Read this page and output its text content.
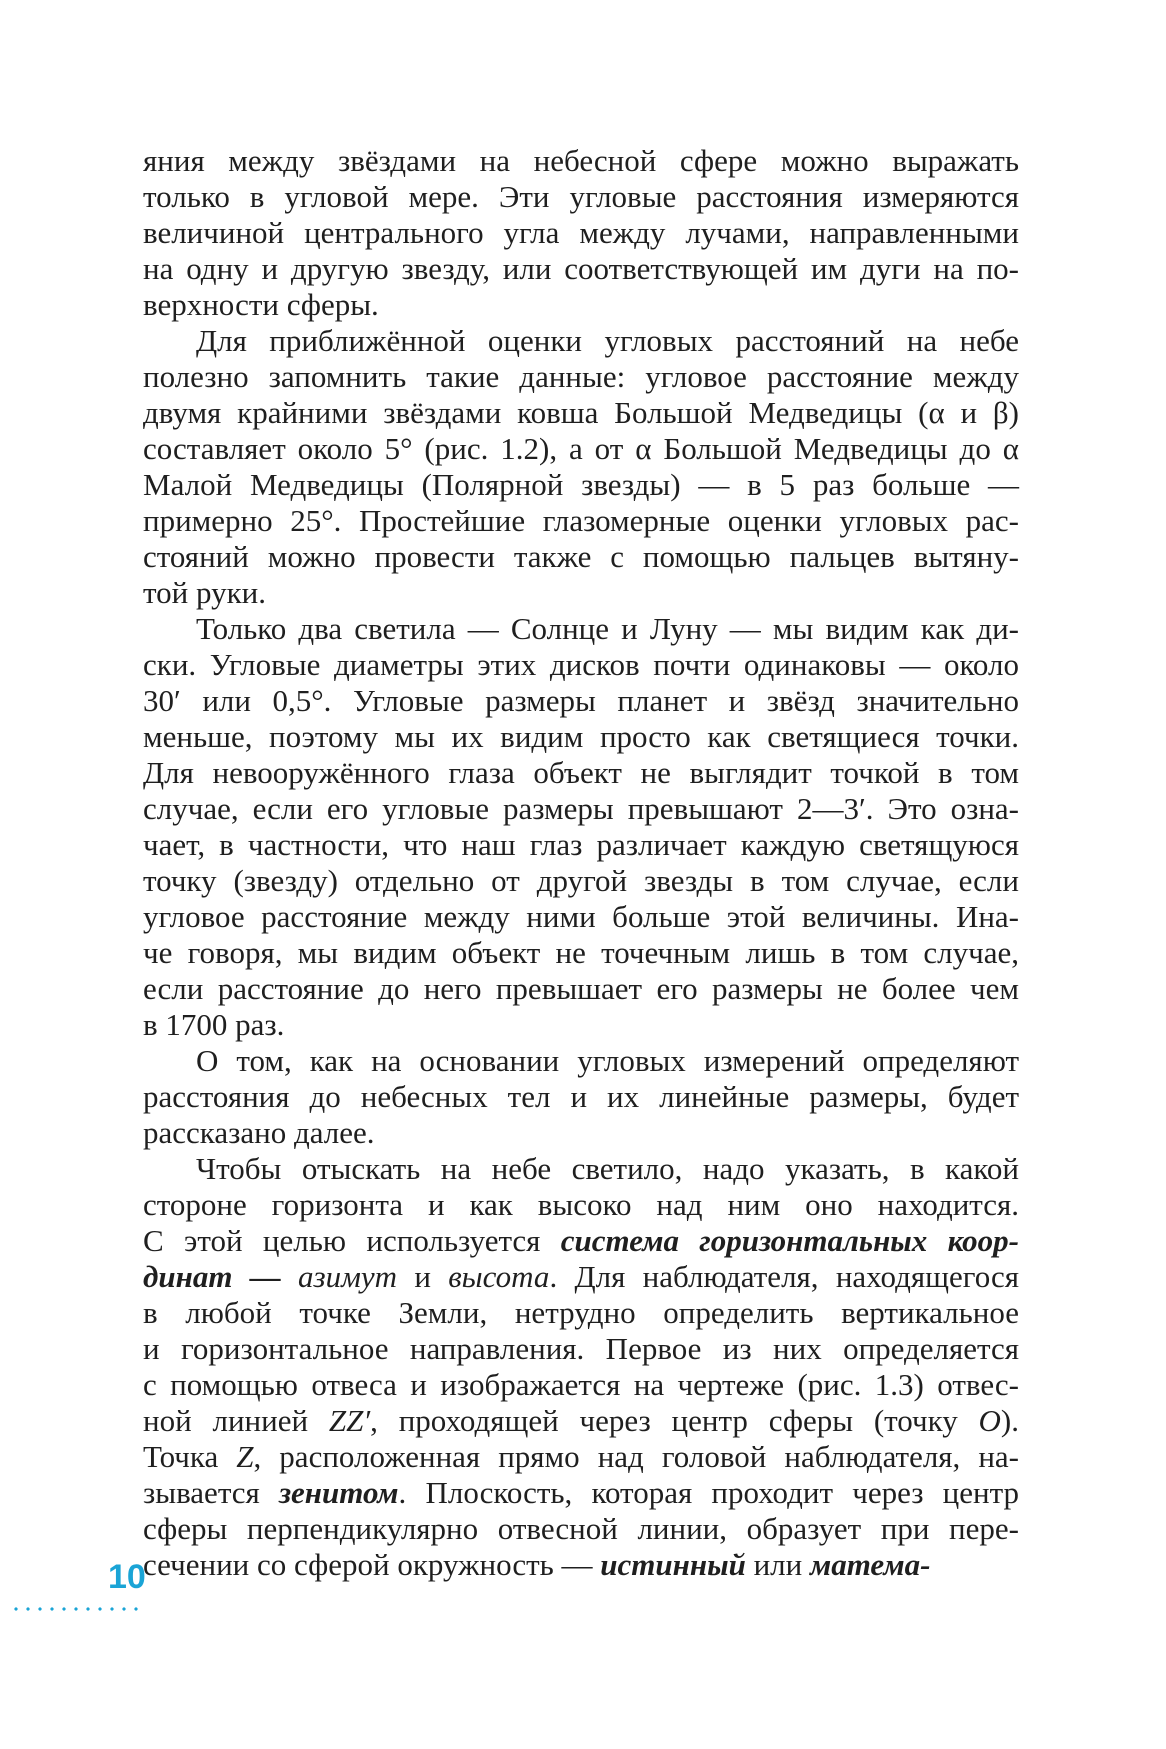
яния между звёздами на небесной сфере можно выражать
только в угловой мере. Эти угловые расстояния измеряются
величиной центрального угла между лучами, направленными
на одну и другую звезду, или соответствующей им дуги на по-
верхности сферы.
Для приближённой оценки угловых расстояний на небе
полезно запомнить такие данные: угловое расстояние между
двумя крайними звёздами ковша Большой Медведицы (α и β)
составляет около 5° (рис. 1.2), а от α Большой Медведицы до α
Малой Медведицы (Полярной звезды) — в 5 раз больше —
примерно 25°. Простейшие глазомерные оценки угловых рас-
стояний можно провести также с помощью пальцев вытяну-
той руки.
Только два светила — Солнце и Луну — мы видим как ди-
ски. Угловые диаметры этих дисков почти одинаковы — около
30′ или 0,5°. Угловые размеры планет и звёзд значительно
меньше, поэтому мы их видим просто как светящиеся точки.
Для невооружённого глаза объект не выглядит точкой в том
случае, если его угловые размеры превышают 2—3′. Это озна-
чает, в частности, что наш глаз различает каждую светящуюся
точку (звезду) отдельно от другой звезды в том случае, если
угловое расстояние между ними больше этой величины. Ина-
че говоря, мы видим объект не точечным лишь в том случае,
если расстояние до него превышает его размеры не более чем
в 1700 раз.
О том, как на основании угловых измерений определяют
расстояния до небесных тел и их линейные размеры, будет
рассказано далее.
Чтобы отыскать на небе светило, надо указать, в какой
стороне горизонта и как высоко над ним оно находится.
С этой целью используется система горизонтальных коор-
динат — азимут и высота. Для наблюдателя, находящегося
в любой точке Земли, нетрудно определить вертикальное
и горизонтальное направления. Первое из них определяется
с помощью отвеса и изображается на чертеже (рис. 1.3) отвес-
ной линией ZZ′, проходящей через центр сферы (точку O).
Точка Z, расположенная прямо над головой наблюдателя, на-
зывается зенитом. Плоскость, которая проходит через центр
сферы перпендикулярно отвесной линии, образует при пере-
сечении со сферой окружность — истинный или матема-
10
